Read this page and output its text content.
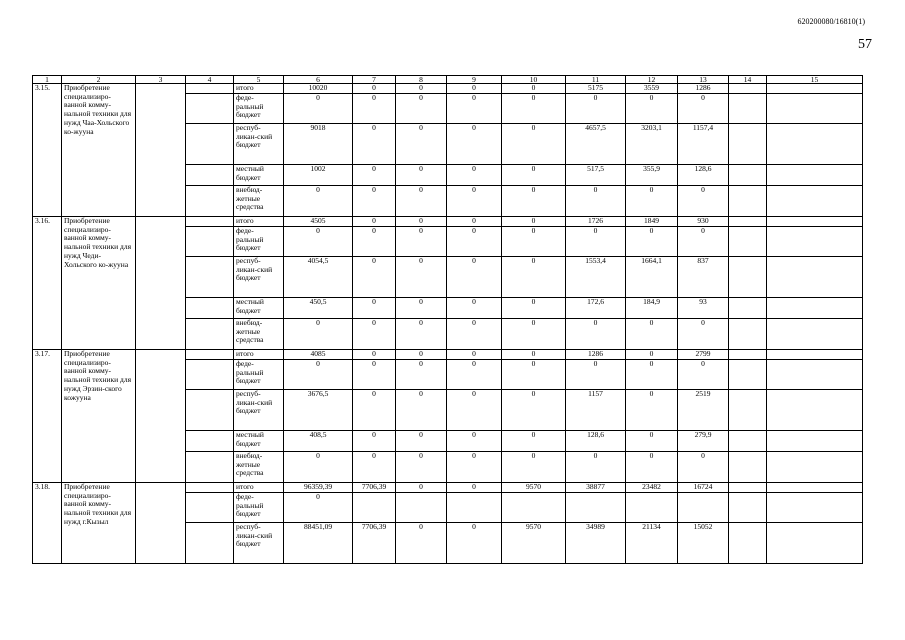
620200080/16810(1)
57
1	2	3	4	5	6	7	8	9	10	11	12	13	14	15
3.15.	Приобретение специализиро-ванной комму-нальной техники для нужд Чаа-Хольского ко-жууна			итого	10020	0	0	0	0	5175	3559	1286		
				феде-ральный бюджет	0	0	0	0	0	0	0	0		
				респуб-ликан-ский бюджет	9018	0	0	0	0	4657,5	3203,1	1157,4		
				местный бюджет	1002	0	0	0	0	517,5	355,9	128,6		
				внебюд-жетные средства	0	0	0	0	0	0	0	0		
3.16.	Приобретение специализиро-ванной комму-нальной техники для нужд Чеди-Хольского ко-жууна			итого	4505	0	0	0	0	1726	1849	930		
				феде-ральный бюджет	0	0	0	0	0	0	0	0		
				респуб-ликан-ский бюджет	4054,5	0	0	0	0	1553,4	1664,1	837		
				местный бюджет	450,5	0	0	0	0	172,6	184,9	93		
				внебюд-жетные средства	0	0	0	0	0	0	0	0		
3.17.	Приобретение специализиро-ванной комму-нальной техники для нужд Эрзин-ского кожууна			итого	4085	0	0	0	0	1286	0	2799		
				феде-ральный бюджет	0	0	0	0	0	0	0	0		
				респуб-ликан-ский бюджет	3676,5	0	0	0	0	1157	0	2519		
				местный бюджет	408,5	0	0	0	0	128,6	0	279,9		
				внебюд-жетные средства	0	0	0	0	0	0	0	0		
3.18.	Приобретение специализиро-ванной комму-нальной техники для нужд г.Кызыл			итого	96359,39	7706,39	0	0	9570	38877	23482	16724		
				феде-ральный бюджет	0									
				респуб-ликан-ский бюджет	88451,09	7706,39	0	0	9570	34989	21134	15052		
